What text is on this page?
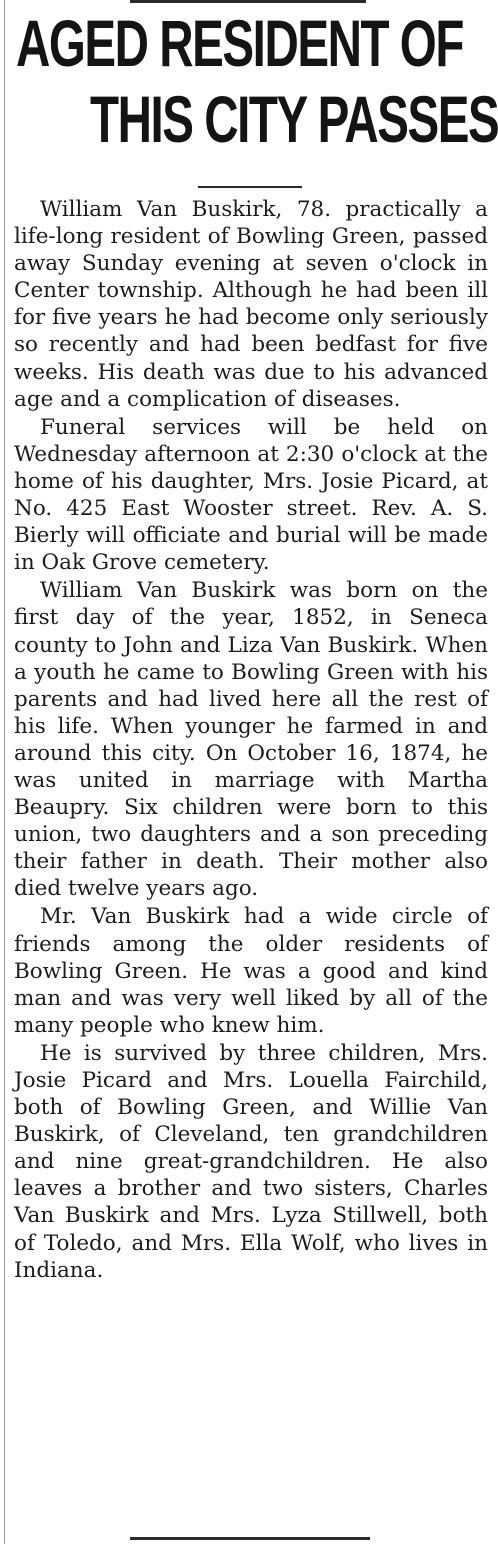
AGED RESIDENT OF
THIS CITY PASSES

William Van Buskirk, 78. practically a life-long resident of Bowling Green, passed away Sunday evening at seven o'clock in Center township. Although he had been ill for five years he had become only seriously so recently and had been bedfast for five weeks. His death was due to his advanced age and a complication of diseases.

Funeral services will be held on Wednesday afternoon at 2:30 o'clock at the home of his daughter, Mrs. Josie Picard, at No. 425 East Wooster street. Rev. A. S. Bierly will officiate and burial will be made in Oak Grove cemetery.

William Van Buskirk was born on the first day of the year, 1852, in Seneca county to John and Liza Van Buskirk. When a youth he came to Bowling Green with his parents and had lived here all the rest of his life. When younger he farmed in and around this city. On October 16, 1874, he was united in marriage with Martha Beaupry. Six children were born to this union, two daughters and a son preceding their father in death. Their mother also died twelve years ago.

Mr. Van Buskirk had a wide circle of friends among the older residents of Bowling Green. He was a good and kind man and was very well liked by all of the many people who knew him.

He is survived by three children, Mrs. Josie Picard and Mrs. Louella Fairchild, both of Bowling Green, and Willie Van Buskirk, of Cleveland, ten grandchildren and nine great-grandchildren. He also leaves a brother and two sisters, Charles Van Buskirk and Mrs. Lyza Stillwell, both of Toledo, and Mrs. Ella Wolf, who lives in Indiana.
